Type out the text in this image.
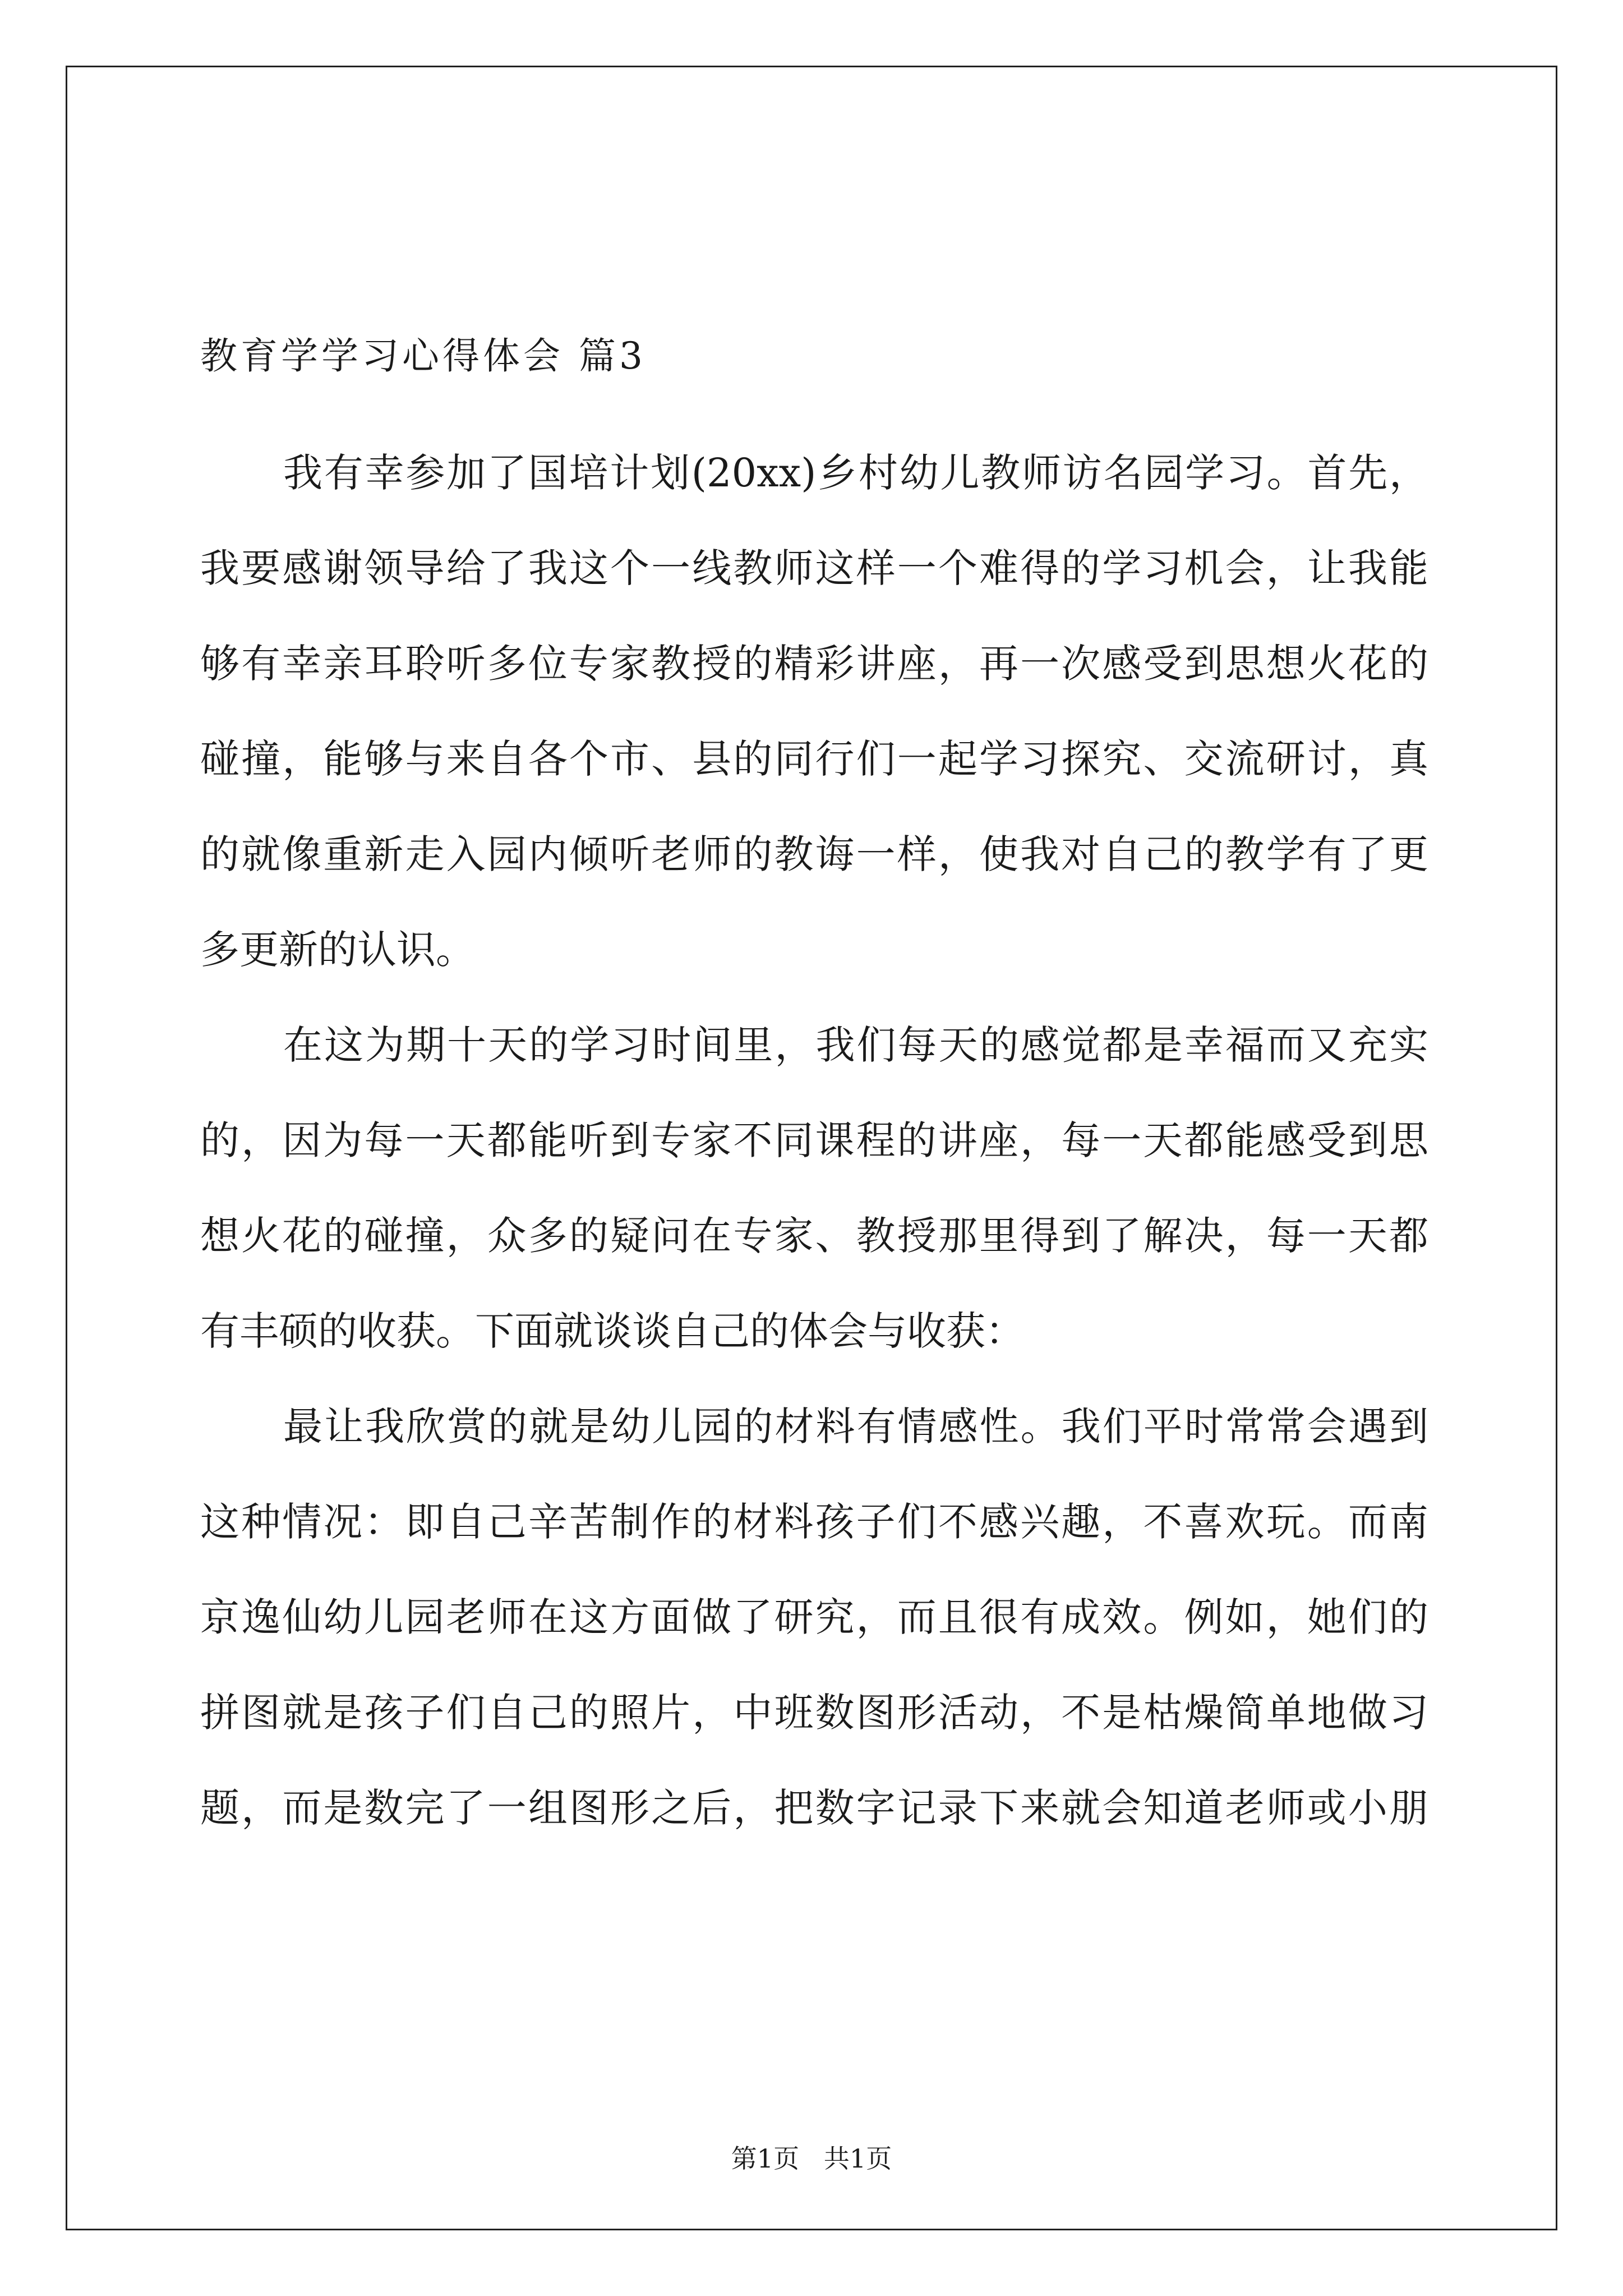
教育学学习心得体会 篇3
我有幸参加了国培计划(20xx)乡村幼儿教师访名园学习。首先，
我要感谢领导给了我这个一线教师这样一个难得的学习机会，让我能
够有幸亲耳聆听多位专家教授的精彩讲座，再一次感受到思想火花的
碰撞，能够与来自各个市、县的同行们一起学习探究、交流研讨，真
的就像重新走入园内倾听老师的教诲一样，使我对自己的教学有了更
多更新的认识。
在这为期十天的学习时间里，我们每天的感觉都是幸福而又充实
的，因为每一天都能听到专家不同课程的讲座，每一天都能感受到思
想火花的碰撞，众多的疑问在专家、教授那里得到了解决，每一天都
有丰硕的收获。下面就谈谈自己的体会与收获：
最让我欣赏的就是幼儿园的材料有情感性。我们平时常常会遇到
这种情况：即自己辛苦制作的材料孩子们不感兴趣，不喜欢玩。而南
京逸仙幼儿园老师在这方面做了研究，而且很有成效。例如，她们的
拼图就是孩子们自己的照片，中班数图形活动，不是枯燥简单地做习
题，而是数完了一组图形之后，把数字记录下来就会知道老师或小朋
第1页   共1页
